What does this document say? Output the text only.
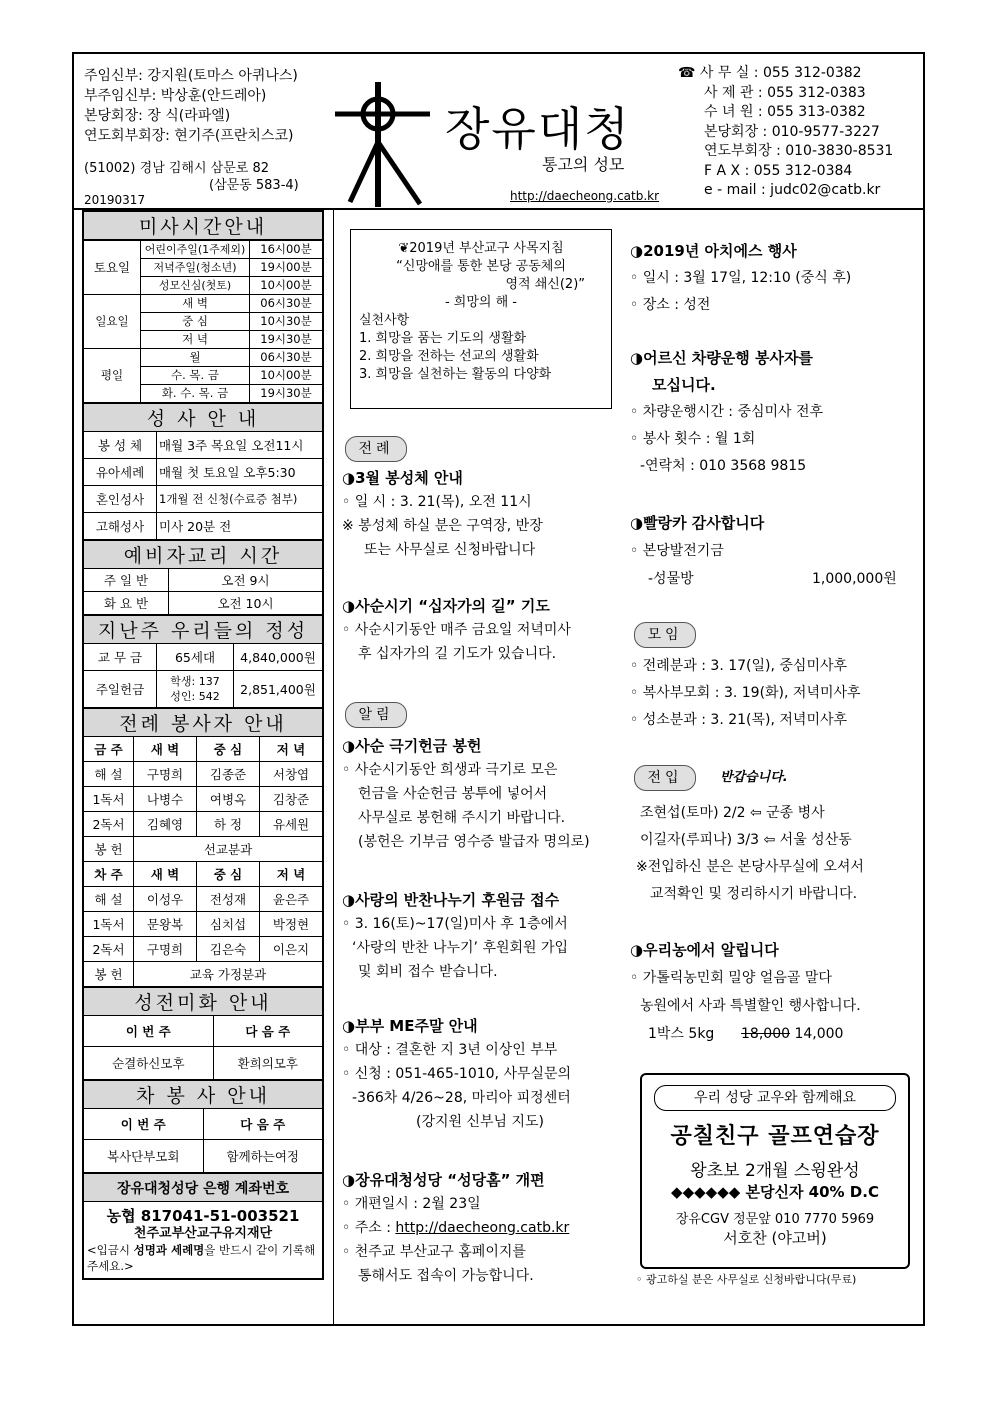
주임신부: 강지원(토마스 아퀴나스)
부주임신부: 박상훈(안드레아)
본당회장: 장 식(라파엘)
연도회부회장: 현기주(프란치스코)
(51002) 경남 김해시 삼문로 82
(삼문동 583-4)
20190317
장유대청
통고의 성모
http://daecheong.catb.kr
☎ 사 무 실 : 055 312-0382
사 제 관 : 055 312-0383
수 녀 원 : 055 313-0382
본당회장 : 010-9577-3227
연도부회장 : 010-3830-8531
F A X : 055 312-0384
e - mail : judc02@catb.kr
미사시간안내
토요일	어린이주일(1주제외)	16시00분
	저녁주일(청소년)	19시00분
	성모신심(첫토)	10시00분
일요일	새 벽	06시30분
	중 심	10시30분
	저 녁	19시30분
평일	월	06시30분
	수. 목. 금	10시00분
	화. 수. 목. 금	19시30분
성 사 안 내	
봉 성 체	매월 3주 목요일 오전11시
유아세례	매월 첫 토요일 오후5:30
혼인성사	1개월 전 신청(수료증 첨부)
고해성사	미사 20분 전
예비자교리 시간	
주 일 반	오전 9시
화 요 반	오전 10시
지난주 우리들의 정성		
교 무 금	65세대	4,840,000원
주일헌금	학생: 137
성인: 542	2,851,400원
전례 봉사자 안내			
금 주	새 벽	중 심	저 녁
해 설	구명희	김종준	서창엽
1독서	나병수	여병옥	김창준
2독서	김혜영	하 정	유세원
봉 헌	선교분과		
차 주	새 벽	중 심	저 녁
해 설	이성우	전성재	윤은주
1독서	문왕복	심치섭	박정현
2독서	구명희	김은숙	이은지
봉 헌	교육 가정분과		
성전미화 안내	
이 번 주	다 음 주
순결하신모후	환희의모후
차 봉 사 안내	
이 번 주	다 음 주
복사단부모회	함께하는여정
장유대청성당 은행 계좌번호

농협 817041-51-003521
천주교부산교구유지재단
<입금시 성명과 세례명을 반드시 같이 기록해 주세요.>
❦2019년 부산교구 사목지침
“신망애를 통한 본당 공동체의
영적 쇄신(2)”
- 희망의 해 -
실천사항
1. 희망을 품는 기도의 생활화
2. 희망을 전하는 선교의 생활화
3. 희망을 실천하는 활동의 다양화
전례
◑3월 봉성체 안내
◦ 일 시 : 3. 21(목), 오전 11시
※ 봉성체 하실 분은 구역장, 반장
또는 사무실로 신청바랍니다
◑사순시기 “십자가의 길” 기도
◦ 사순시기동안 매주 금요일 저녁미사
후 십자가의 길 기도가 있습니다.
알림
◑사순 극기헌금 봉헌
◦ 사순시기동안 희생과 극기로 모은
헌금을 사순헌금 봉투에 넣어서
사무실로 봉헌해 주시기 바랍니다.
(봉헌은 기부금 영수증 발급자 명의로)
◑사랑의 반찬나누기 후원금 접수
◦ 3. 16(토)~17(일)미사 후 1층에서
‘사랑의 반찬 나누기’ 후원회원 가입
및 회비 접수 받습니다.
◑부부 ME주말 안내
◦ 대상 : 결혼한 지 3년 이상인 부부
◦ 신청 : 051-465-1010, 사무실문의
-366차 4/26~28, 마리아 피정센터
(강지원 신부님 지도)
◑장유대청성당 “성당홈” 개편
◦ 개편일시 : 2월 23일
◦ 주소 : http://daecheong.catb.kr
◦ 천주교 부산교구 홈페이지를
통해서도 접속이 가능합니다.
◑2019년 아치에스 행사
◦ 일시 : 3월 17일, 12:10 (중식 후)
◦ 장소 : 성전
◑어르신 차량운행 봉사자를
모십니다.
◦ 차량운행시간 : 중심미사 전후
◦ 봉사 횟수 : 월 1회
-연락처 : 010 3568 9815
◑빨랑카 감사합니다
◦ 본당발전기금
-성물방	1,000,000원
모임
◦ 전례분과 : 3. 17(일), 중심미사후
◦ 복사부모회 : 3. 19(화), 저녁미사후
◦ 성소분과 : 3. 21(목), 저녁미사후
전입	반갑습니다.
조현섭(토마) 2/2 ⇦ 군종 병사
이길자(루피나) 3/3 ⇦ 서울 성산동
※전입하신 분은 본당사무실에 오셔서
교적확인 및 정리하시기 바랍니다.
◑우리농에서 알립니다
◦ 가톨릭농민회 밀양 얼음골 말다
농원에서 사과 특별할인 행사합니다.
1박스 5kg 18,000 14,000
우리 성당 교우와 함께해요
공칠친구 골프연습장
왕초보 2개월 스윙완성
◆◆◆◆◆◆ 본당신자 40% D.C
장유CGV 정문앞 010 7770 5969
서호찬 (야고버)
◦ 광고하실 분은 사무실로 신청바랍니다(무료)
